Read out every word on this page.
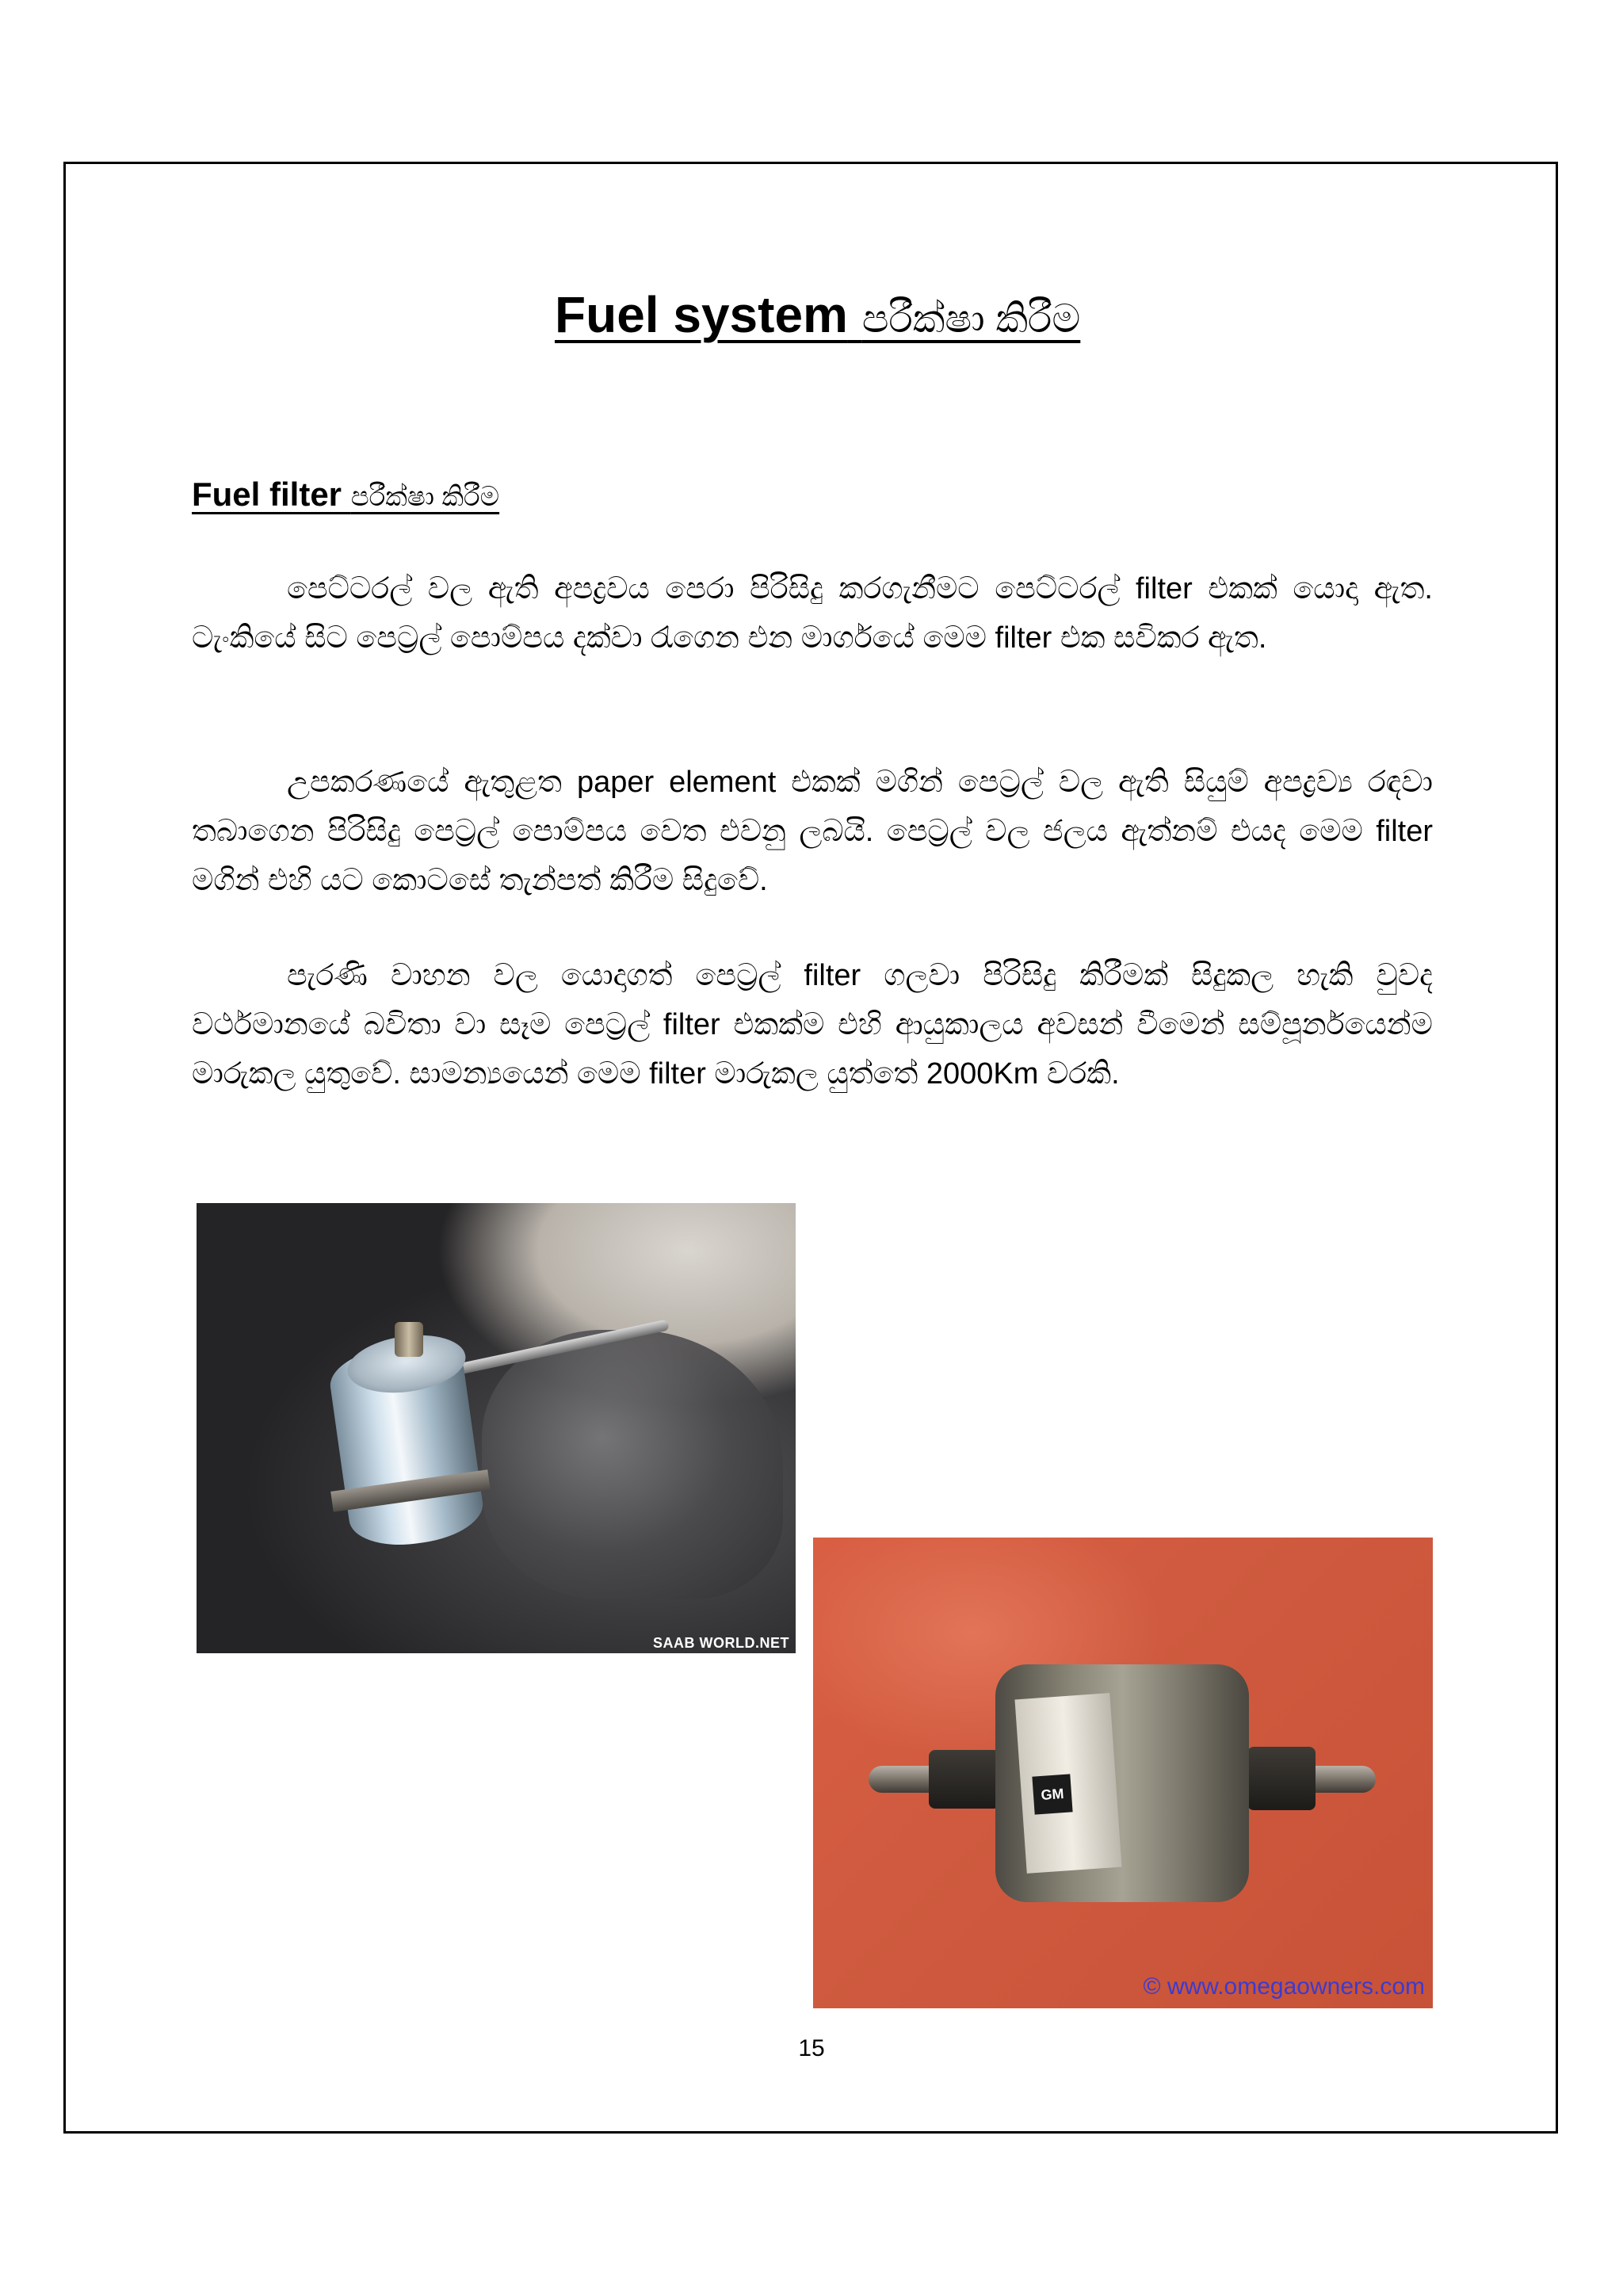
Fuel system පරීක්ෂා කිරීම
Fuel filter පරීක්ෂා කිරීම

පෙට්ටරල් වල ඇති අපද්‍රවය පෙරා පිරිසිදු කරගැනීමට පෙට්ටරල් filter එකක් යොදා ඇත. ටැංකියේ සිට පෙට්‍රල් පොම්පය දක්වා රැගෙන එන මාර්ගයේ මෙම filter එක සවිකර ඇත.

උපකරණයේ ඇතුළත paper element එකක් මගින් පෙට්‍රල් වල ඇති සියුම් අපද්‍රව්‍ය රඳවා තබාගෙන පිරිසිදු පෙට්‍රල් පොම්පය වෙත එවනු ලබයි. පෙට්‍රල් වල ජලය ඇත්නම් එයද මෙම filter මගින් එහි යට කොටසේ තැන්පත් කිරීම සිදුවේ.

පැරණි වාහන වල යොදාගත් පෙට්‍රල් filter ගලවා පිරිසිදු කිරීමක් සිදුකල හැකි වුවද වර්ථමානයේ බවිතා වා සෑම පෙට්‍රල් filter එකක්ම එහි ආයුකාලය අවසන් වීමෙන් සම්පූර්නයෙන්ම මාරුකල යුතුවේ. සාමන්‍යයෙන් මෙම filter මාරුකල යුත්තේ 2000Km වරකි.

SAAB WORLD.NET
GM
© www.omegaowners.com
15
